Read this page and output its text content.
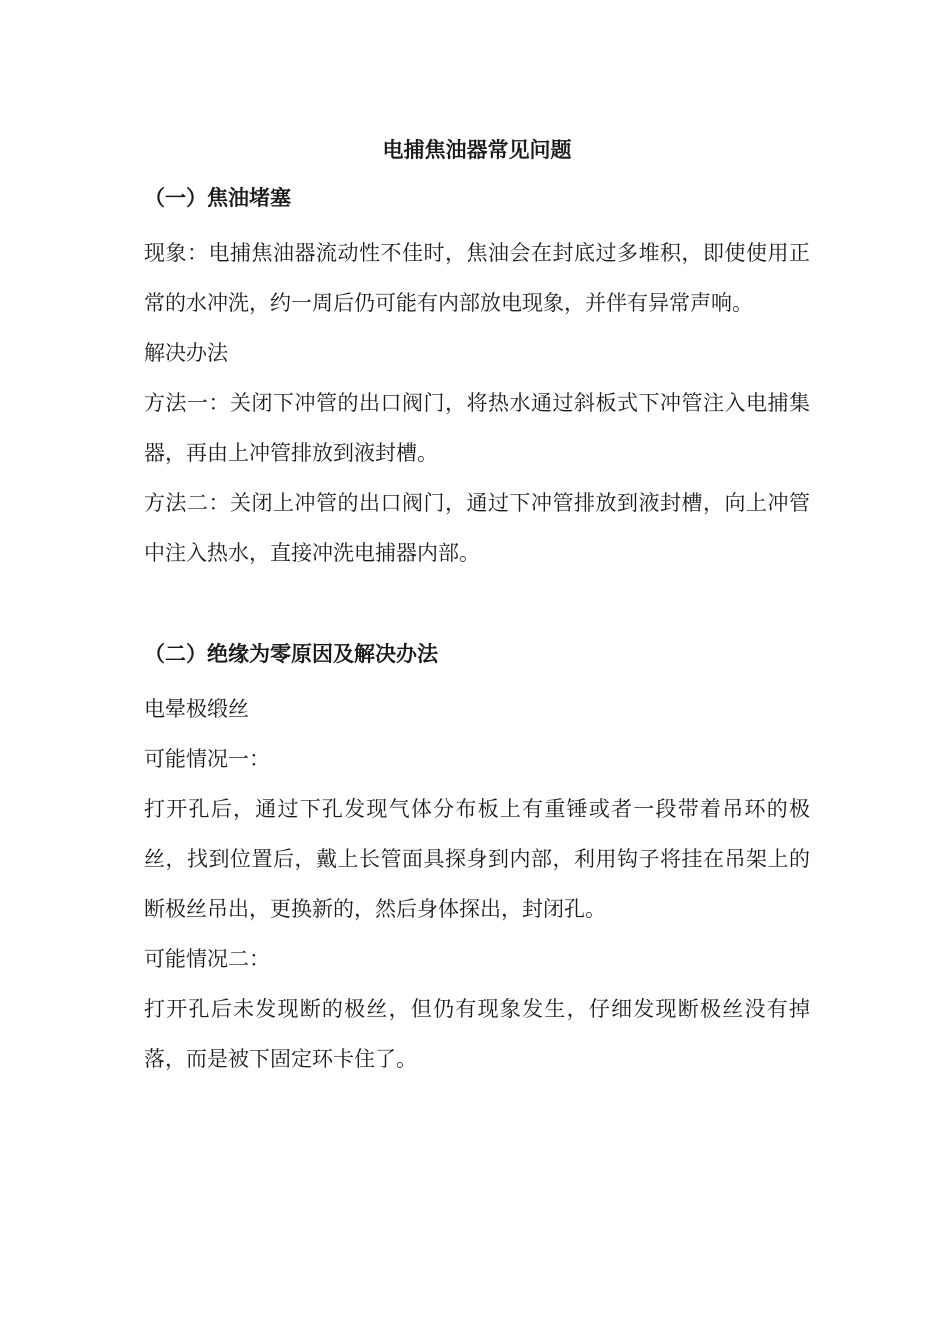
电捕焦油器常见问题
（一）焦油堵塞

现象：电捕焦油器流动性不佳时，焦油会在封底过多堆积，即使使用正常的水冲洗，约一周后仍可能有内部放电现象，并伴有异常声响。

解决办法

方法一：关闭下冲管的出口阀门，将热水通过斜板式下冲管注入电捕集器，再由上冲管排放到液封槽。

方法二：关闭上冲管的出口阀门，通过下冲管排放到液封槽，向上冲管中注入热水，直接冲洗电捕器内部。

（二）绝缘为零原因及解决办法

电晕极缎丝

可能情况一：

打开孔后，通过下孔发现气体分布板上有重锤或者一段带着吊环的极丝，找到位置后，戴上长管面具探身到内部，利用钩子将挂在吊架上的断极丝吊出，更换新的，然后身体探出，封闭孔。

可能情况二：

打开孔后未发现断的极丝，但仍有现象发生，仔细发现断极丝没有掉落，而是被下固定环卡住了。
